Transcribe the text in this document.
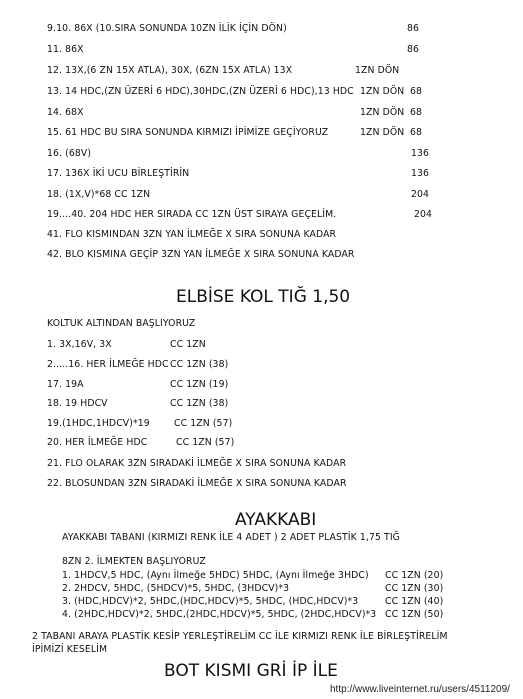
9.10. 86X (10.SIRA SONUNDA 10ZN İLİK İÇİN DÖN)	86
11. 86X	86
12. 13X,(6 ZN 15X ATLA), 30X, (6ZN 15X ATLA) 13X	1ZN DÖN
13. 14 HDC,(ZN ÜZERİ 6 HDC),30HDC,(ZN ÜZERİ 6 HDC),13 HDC 1ZN DÖN 68
14. 68X	1ZN DÖN 68
15. 61 HDC BU SIRA SONUNDA KIRMIZI İPİMİZE GEÇİYORUZ	1ZN DÖN 68
16. (68V)	136
17. 136X İKİ UCU BİRLEŞTİRİN	136
18. (1X,V)*68 CC 1ZN	204
19....40. 204 HDC HER SIRADA CC 1ZN ÜST SIRAYA GEÇELİM.	204
41. FLO KISMINDAN 3ZN YAN İLMEĞE X SIRA SONUNA KADAR
42. BLO KISMINA GEÇİP 3ZN YAN İLMEĞE X SIRA SONUNA KADAR
ELBİSE KOL TIĞ 1,50
KOLTUK ALTINDAN BAŞLIYORUZ
1. 3X,16V, 3X	CC 1ZN
2.....16. HER İLMEĞE HDC CC 1ZN (38)
17. 19A	CC 1ZN (19)
18. 19 HDCV	CC 1ZN (38)
19.(1HDC,1HDCV)*19	CC 1ZN (57)
20. HER İLMEĞE HDC	CC 1ZN (57)
21. FLO OLARAK 3ZN SIRADAKİ İLMEĞE X SIRA SONUNA KADAR
22. BLOSUNDAN 3ZN SIRADAKİ İLMEĞE X SIRA SONUNA KADAR
AYAKKABI
AYAKKABI TABANI (KIRMIZI RENK İLE 4 ADET ) 2 ADET PLASTİK 1,75 TIĞ
8ZN 2. İLMEKTEN BAŞLIYORUZ
1. 1HDCV,5 HDC, (Aynı İlmeğe 5HDC) 5HDC, (Aynı İlmeğe 3HDC) CC 1ZN (20)
2. 2HDCV, 5HDC, (5HDCV)*5, 5HDC, (3HDCV)*3	CC 1ZN (30)
3. (HDC,HDCV)*2, 5HDC,(HDC,HDCV)*5, 5HDC, (HDC,HDCV)*3	CC 1ZN (40)
4. (2HDC,HDCV)*2, 5HDC,(2HDC,HDCV)*5, 5HDC, (2HDC,HDCV)*3 CC 1ZN (50)
2 TABANI ARAYA PLASTİK KESİP YERLEŞTİRELİM CC İLE KIRMIZI RENK İLE BİRLEŞTİRELİM
İPİMİZİ KESELİM
BOT KISMI GRİ İP İLE
http://www.liveinternet.ru/users/4511209/
